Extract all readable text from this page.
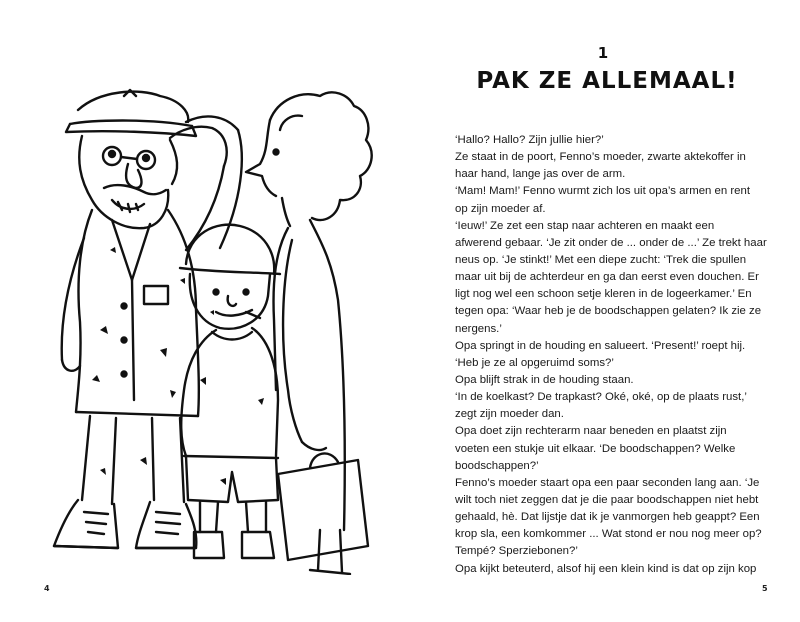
4
1
PAK ZE ALLEMAAL!
‘Hallo? Hallo? Zijn jullie hier?’
Ze staat in de poort, Fenno’s moeder, zwarte aktekoffer in
haar hand, lange jas over de arm.
‘Mam! Mam!’ Fenno wurmt zich los uit opa’s armen en rent
op zijn moeder af.
‘Ieuw!’ Ze zet een stap naar achteren en maakt een
afwerend gebaar. ‘Je zit onder de ... onder de ...’ Ze trekt haar
neus op. ‘Je stinkt!’ Met een diepe zucht: ‘Trek die spullen
maar uit bij de achterdeur en ga dan eerst even douchen. Er
ligt nog wel een schoon setje kleren in de logeerkamer.’ En
tegen opa: ‘Waar heb je de boodschappen gelaten? Ik zie ze
nergens.’
Opa springt in de houding en salueert. ‘Present!’ roept hij.
‘Heb je ze al opgeruimd soms?’
Opa blijft strak in de houding staan.
‘In de koelkast? De trapkast? Oké, oké, op de plaats rust,’
zegt zijn moeder dan.
Opa doet zijn rechterarm naar beneden en plaatst zijn
voeten een stukje uit elkaar. ‘De boodschappen? Welke
boodschappen?’
Fenno’s moeder staart opa een paar seconden lang aan. ‘Je
wilt toch niet zeggen dat je die paar boodschappen niet hebt
gehaald, hè. Dat lijstje dat ik je vanmorgen heb geappt? Een
krop sla, een komkommer ... Wat stond er nou nog meer op?
Tempé? Sperziebonen?’
Opa kijkt beteuterd, alsof hij een klein kind is dat op zijn kop
5
